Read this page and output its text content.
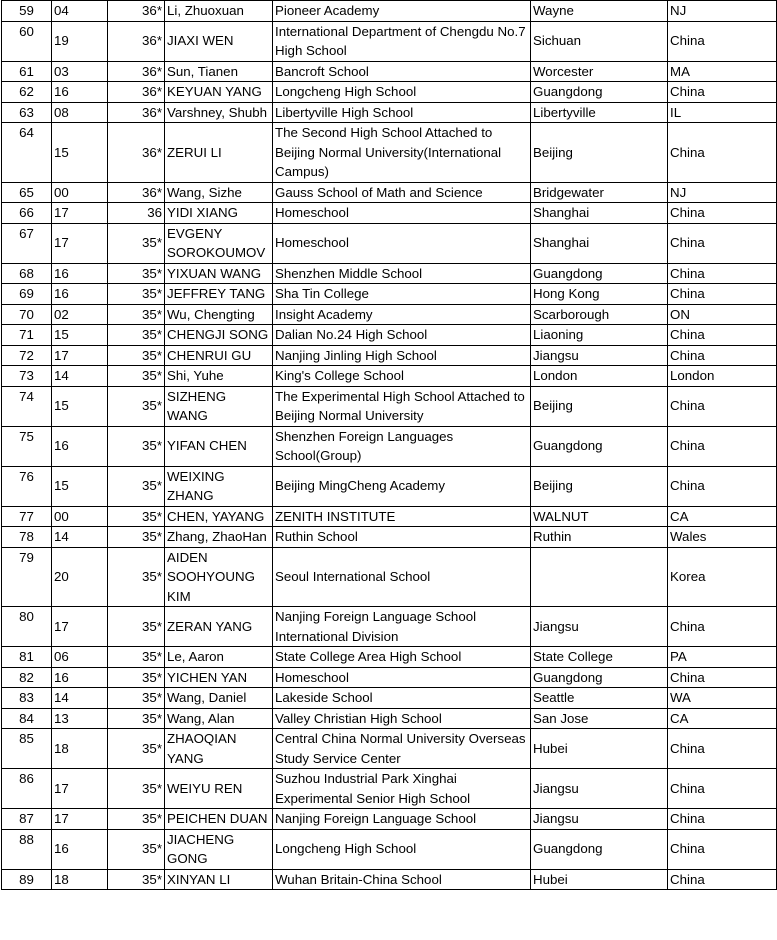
59	04	36*	Li, Zhuoxuan	Pioneer Academy	Wayne	NJ
60	19	36*	JIAXI WEN	International Department of Chengdu No.7 High School	Sichuan	China
61	03	36*	Sun, Tianen	Bancroft School	Worcester	MA
62	16	36*	KEYUAN YANG	Longcheng High School	Guangdong	China
63	08	36*	Varshney, Shubh	Libertyville High School	Libertyville	IL
64	15	36*	ZERUI LI	The Second High School Attached to Beijing Normal University(International Campus)	Beijing	China
65	00	36*	Wang, Sizhe	Gauss School of Math and Science	Bridgewater	NJ
66	17	36	YIDI XIANG	Homeschool	Shanghai	China
67	17	35*	EVGENY SOROKOUMOV	Homeschool	Shanghai	China
68	16	35*	YIXUAN WANG	Shenzhen Middle School	Guangdong	China
69	16	35*	JEFFREY TANG	Sha Tin College	Hong Kong	China
70	02	35*	Wu, Chengting	Insight Academy	Scarborough	ON
71	15	35*	CHENGJI SONG	Dalian No.24 High School	Liaoning	China
72	17	35*	CHENRUI GU	Nanjing Jinling High School	Jiangsu	China
73	14	35*	Shi, Yuhe	King's College School	London	London
74	15	35*	SIZHENG WANG	The Experimental High School Attached to Beijing Normal University	Beijing	China
75	16	35*	YIFAN CHEN	Shenzhen Foreign Languages School(Group)	Guangdong	China
76	15	35*	WEIXING ZHANG	Beijing MingCheng Academy	Beijing	China
77	00	35*	CHEN, YAYANG	ZENITH INSTITUTE	WALNUT	CA
78	14	35*	Zhang, ZhaoHan	Ruthin School	Ruthin	Wales
79	20	35*	AIDEN SOOHYOUNG KIM	Seoul International School		Korea
80	17	35*	ZERAN YANG	Nanjing Foreign Language School International Division	Jiangsu	China
81	06	35*	Le, Aaron	State College Area High School	State College	PA
82	16	35*	YICHEN YAN	Homeschool	Guangdong	China
83	14	35*	Wang, Daniel	Lakeside School	Seattle	WA
84	13	35*	Wang, Alan	Valley Christian High School	San Jose	CA
85	18	35*	ZHAOQIAN YANG	Central China Normal University Overseas Study Service Center	Hubei	China
86	17	35*	WEIYU REN	Suzhou Industrial Park Xinghai Experimental Senior High School	Jiangsu	China
87	17	35*	PEICHEN DUAN	Nanjing Foreign Language School	Jiangsu	China
88	16	35*	JIACHENG GONG	Longcheng High School	Guangdong	China
89	18	35*	XINYAN LI	Wuhan Britain-China School	Hubei	China
